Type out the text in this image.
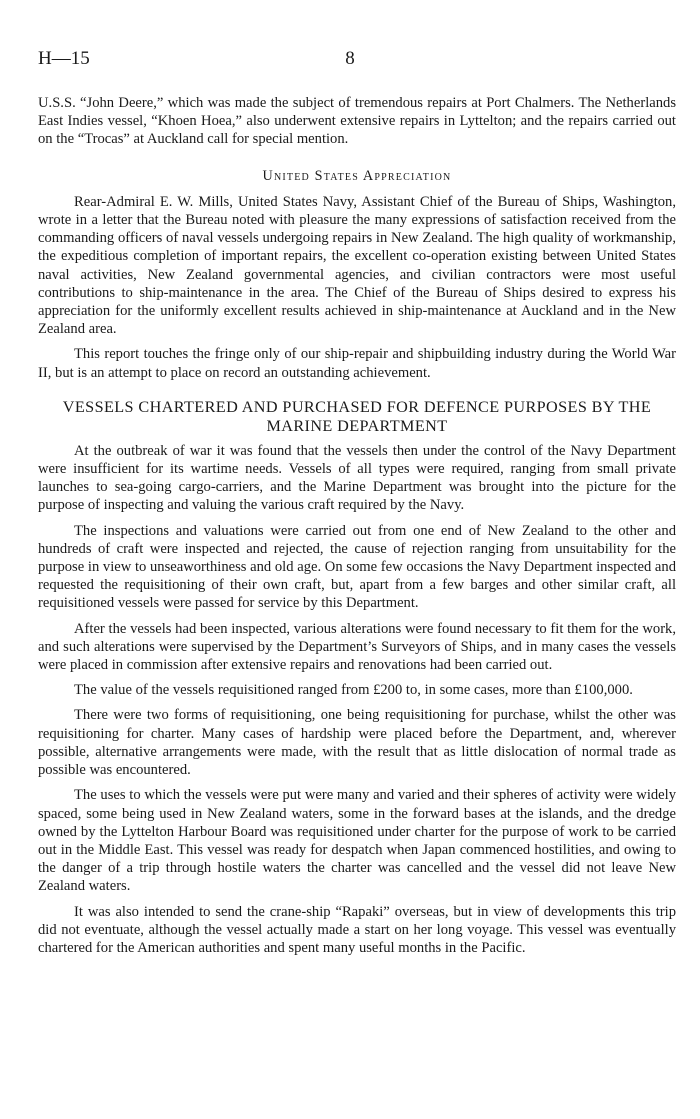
H—15	8

U.S.S. “John Deere,” which was made the subject of tremendous repairs at Port Chalmers. The Netherlands East Indies vessel, “Khoen Hoea,” also underwent extensive repairs in Lyttelton; and the repairs carried out on the “Trocas” at Auckland call for special mention.

United States Appreciation

Rear-Admiral E. W. Mills, United States Navy, Assistant Chief of the Bureau of Ships, Washington, wrote in a letter that the Bureau noted with pleasure the many expressions of satisfaction received from the commanding officers of naval vessels undergoing repairs in New Zealand. The high quality of workmanship, the expeditious completion of important repairs, the excellent co-operation existing between United States naval activities, New Zealand governmental agencies, and civilian contractors were most useful contributions to ship-maintenance in the area. The Chief of the Bureau of Ships desired to express his appreciation for the uniformly excellent results achieved in ship-maintenance at Auckland and in the New Zealand area.

This report touches the fringe only of our ship-repair and shipbuilding industry during the World War II, but is an attempt to place on record an outstanding achievement.

VESSELS CHARTERED AND PURCHASED FOR DEFENCE PURPOSES BY THE MARINE DEPARTMENT

At the outbreak of war it was found that the vessels then under the control of the Navy Department were insufficient for its wartime needs. Vessels of all types were required, ranging from small private launches to sea-going cargo-carriers, and the Marine Department was brought into the picture for the purpose of inspecting and valuing the various craft required by the Navy.

The inspections and valuations were carried out from one end of New Zealand to the other and hundreds of craft were inspected and rejected, the cause of rejection ranging from unsuitability for the purpose in view to unseaworthiness and old age. On some few occasions the Navy Department inspected and requested the requisitioning of their own craft, but, apart from a few barges and other similar craft, all requisitioned vessels were passed for service by this Department.

After the vessels had been inspected, various alterations were found necessary to fit them for the work, and such alterations were supervised by the Department’s Surveyors of Ships, and in many cases the vessels were placed in commission after extensive repairs and renovations had been carried out.

The value of the vessels requisitioned ranged from £200 to, in some cases, more than £100,000.

There were two forms of requisitioning, one being requisitioning for purchase, whilst the other was requisitioning for charter. Many cases of hardship were placed before the Department, and, wherever possible, alternative arrangements were made, with the result that as little dislocation of normal trade as possible was encountered.

The uses to which the vessels were put were many and varied and their spheres of activity were widely spaced, some being used in New Zealand waters, some in the forward bases at the islands, and the dredge owned by the Lyttelton Harbour Board was requisitioned under charter for the purpose of work to be carried out in the Middle East. This vessel was ready for despatch when Japan commenced hostilities, and owing to the danger of a trip through hostile waters the charter was cancelled and the vessel did not leave New Zealand waters.

It was also intended to send the crane-ship “Rapaki” overseas, but in view of developments this trip did not eventuate, although the vessel actually made a start on her long voyage. This vessel was eventually chartered for the American authorities and spent many useful months in the Pacific.
